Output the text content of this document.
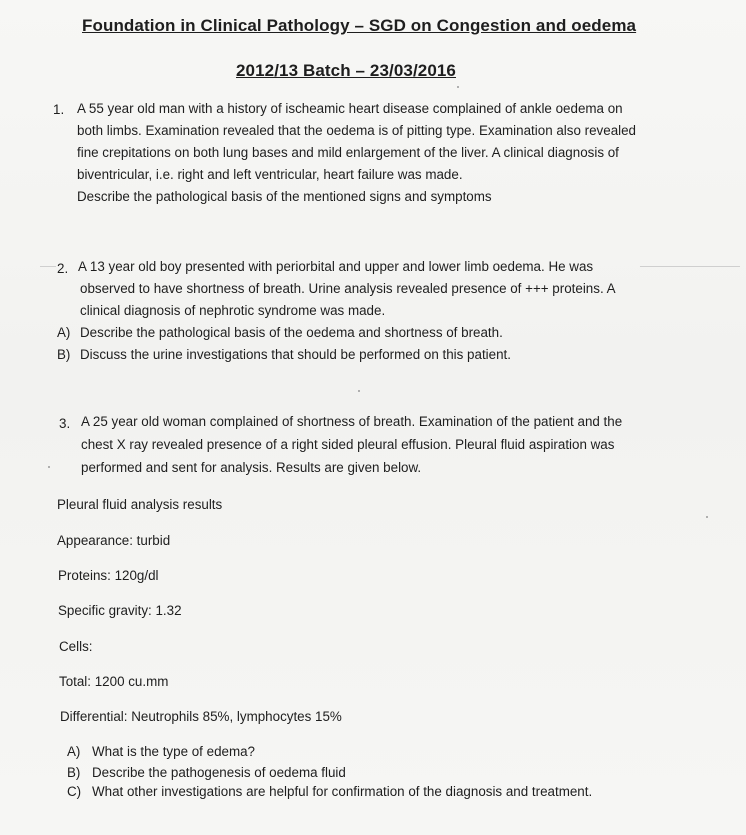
Foundation in Clinical Pathology – SGD on Congestion and oedema
2012/13 Batch – 23/03/2016
1. A 55 year old man with a history of ischeamic heart disease complained of ankle oedema on
both limbs. Examination revealed that the oedema is of pitting type. Examination also revealed
fine crepitations on both lung bases and mild enlargement of the liver. A clinical diagnosis of
biventricular, i.e. right and left ventricular, heart failure was made.
Describe the pathological basis of the mentioned signs and symptoms
2. A 13 year old boy presented with periorbital and upper and lower limb oedema. He was
observed to have shortness of breath. Urine analysis revealed presence of +++ proteins. A
clinical diagnosis of nephrotic syndrome was made.
A) Describe the pathological basis of the oedema and shortness of breath.
B) Discuss the urine investigations that should be performed on this patient.
3. A 25 year old woman complained of shortness of breath. Examination of the patient and the
chest X ray revealed presence of a right sided pleural effusion. Pleural fluid aspiration was
performed and sent for analysis. Results are given below.
Pleural fluid analysis results
Appearance: turbid
Proteins: 120g/dl
Specific gravity: 1.32
Cells:
Total: 1200 cu.mm
Differential: Neutrophils 85%, lymphocytes 15%
A) What is the type of edema?
B) Describe the pathogenesis of oedema fluid
C) What other investigations are helpful for confirmation of the diagnosis and treatment.
